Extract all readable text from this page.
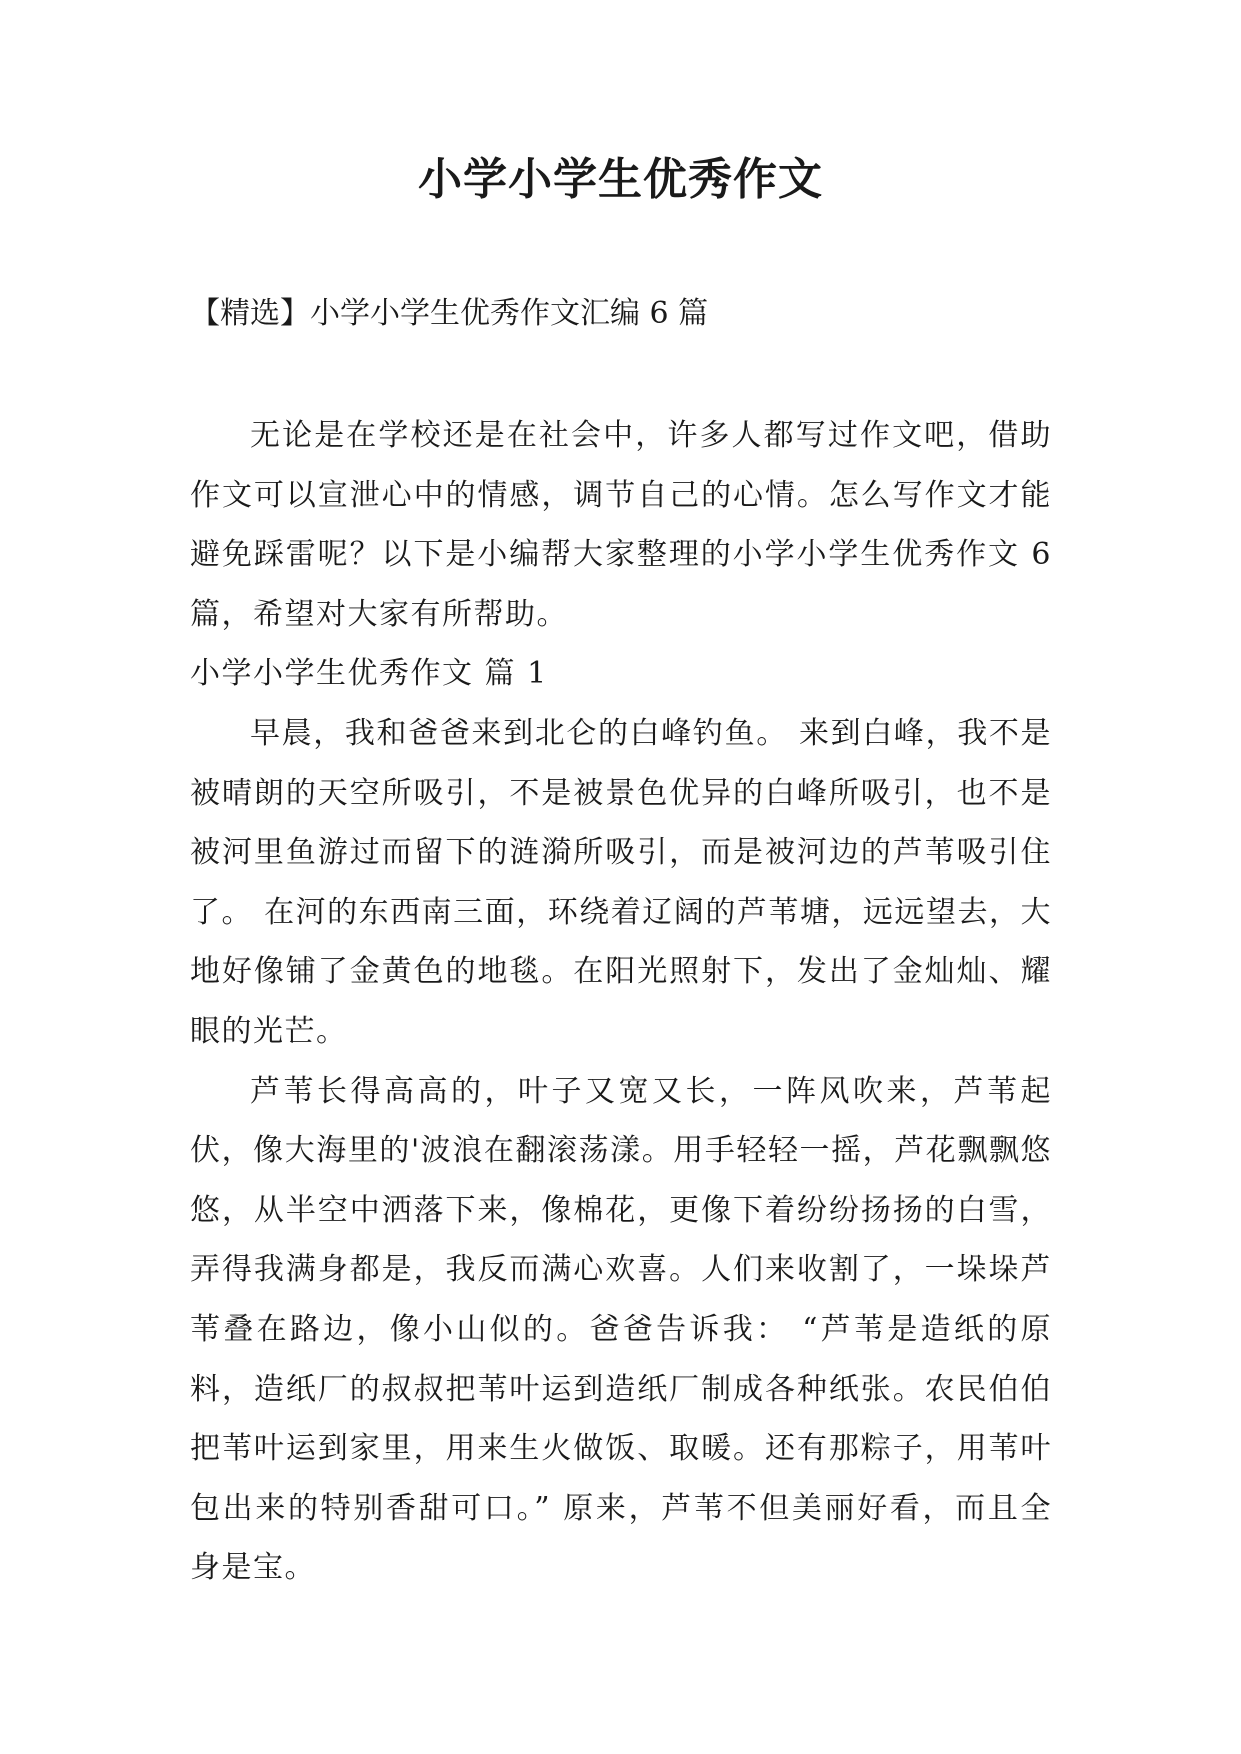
小学小学生优秀作文

【精选】小学小学生优秀作文汇编 6 篇

无论是在学校还是在社会中，许多人都写过作文吧，借助作文可以宣泄心中的情感，调节自己的心情。怎么写作文才能避免踩雷呢？以下是小编帮大家整理的小学小学生优秀作文 6 篇，希望对大家有所帮助。

小学小学生优秀作文 篇 1

早晨，我和爸爸来到北仑的白峰钓鱼。 来到白峰，我不是被晴朗的天空所吸引，不是被景色优异的白峰所吸引，也不是被河里鱼游过而留下的涟漪所吸引，而是被河边的芦苇吸引住了。 在河的东西南三面，环绕着辽阔的芦苇塘，远远望去，大地好像铺了金黄色的地毯。在阳光照射下，发出了金灿灿、耀眼的光芒。

芦苇长得高高的，叶子又宽又长，一阵风吹来，芦苇起伏，像大海里的'波浪在翻滚荡漾。用手轻轻一摇，芦花飘飘悠悠，从半空中洒落下来，像棉花，更像下着纷纷扬扬的白雪，弄得我满身都是，我反而满心欢喜。人们来收割了，一垛垛芦苇叠在路边，像小山似的。爸爸告诉我： “芦苇是造纸的原料，造纸厂的叔叔把苇叶运到造纸厂制成各种纸张。农民伯伯把苇叶运到家里，用来生火做饭、取暖。还有那粽子，用苇叶包出来的特别香甜可口。” 原来，芦苇不但美丽好看，而且全身是宝。
